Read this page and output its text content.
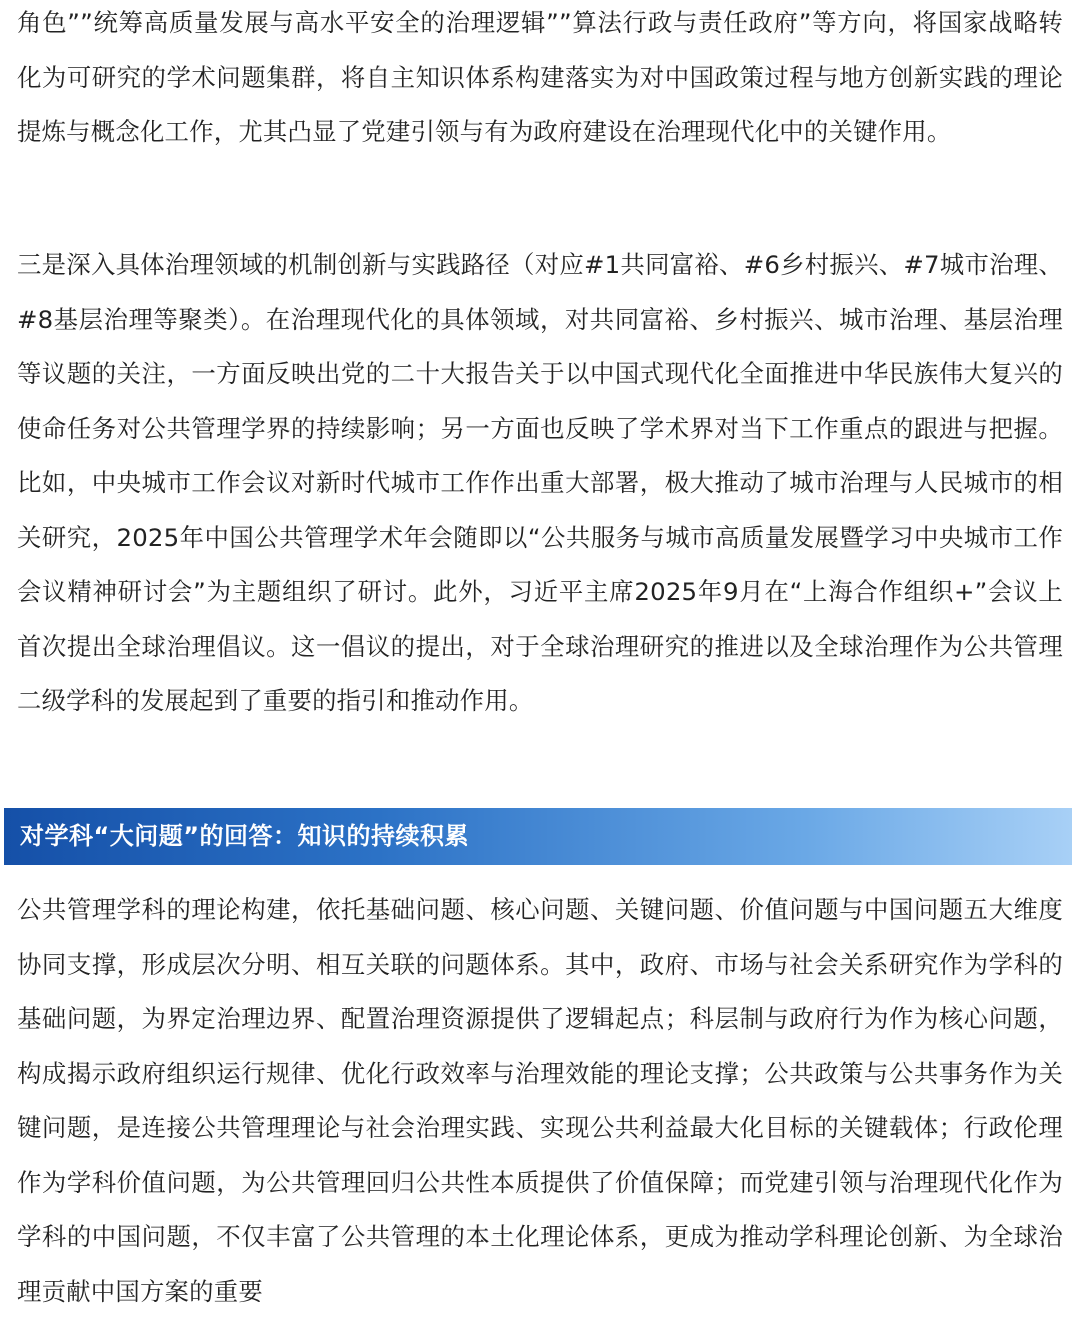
角色””统筹高质量发展与高水平安全的治理逻辑””算法行政与责任政府”等方向，将国家战略转化为可研究的学术问题集群，将自主知识体系构建落实为对中国政策过程与地方创新实践的理论提炼与概念化工作，尤其凸显了党建引领与有为政府建设在治理现代化中的关键作用。

三是深入具体治理领域的机制创新与实践路径（对应#1共同富裕、#6乡村振兴、#7城市治理、#8基层治理等聚类）。在治理现代化的具体领域，对共同富裕、乡村振兴、城市治理、基层治理等议题的关注，一方面反映出党的二十大报告关于以中国式现代化全面推进中华民族伟大复兴的使命任务对公共管理学界的持续影响；另一方面也反映了学术界对当下工作重点的跟进与把握。比如，中央城市工作会议对新时代城市工作作出重大部署，极大推动了城市治理与人民城市的相关研究，2025年中国公共管理学术年会随即以“公共服务与城市高质量发展暨学习中央城市工作会议精神研讨会”为主题组织了研讨。此外，习近平主席2025年9月在“上海合作组织+”会议上首次提出全球治理倡议。这一倡议的提出，对于全球治理研究的推进以及全球治理作为公共管理二级学科的发展起到了重要的指引和推动作用。

对学科“大问题”的回答：知识的持续积累

公共管理学科的理论构建，依托基础问题、核心问题、关键问题、价值问题与中国问题五大维度协同支撑，形成层次分明、相互关联的问题体系。其中，政府、市场与社会关系研究作为学科的基础问题，为界定治理边界、配置治理资源提供了逻辑起点；科层制与政府行为作为核心问题，构成揭示政府组织运行规律、优化行政效率与治理效能的理论支撑；公共政策与公共事务作为关键问题，是连接公共管理理论与社会治理实践、实现公共利益最大化目标的关键载体；行政伦理作为学科价值问题，为公共管理回归公共性本质提供了价值保障；而党建引领与治理现代化作为学科的中国问题，不仅丰富了公共管理的本土化理论体系，更成为推动学科理论创新、为全球治理贡献中国方案的重要
